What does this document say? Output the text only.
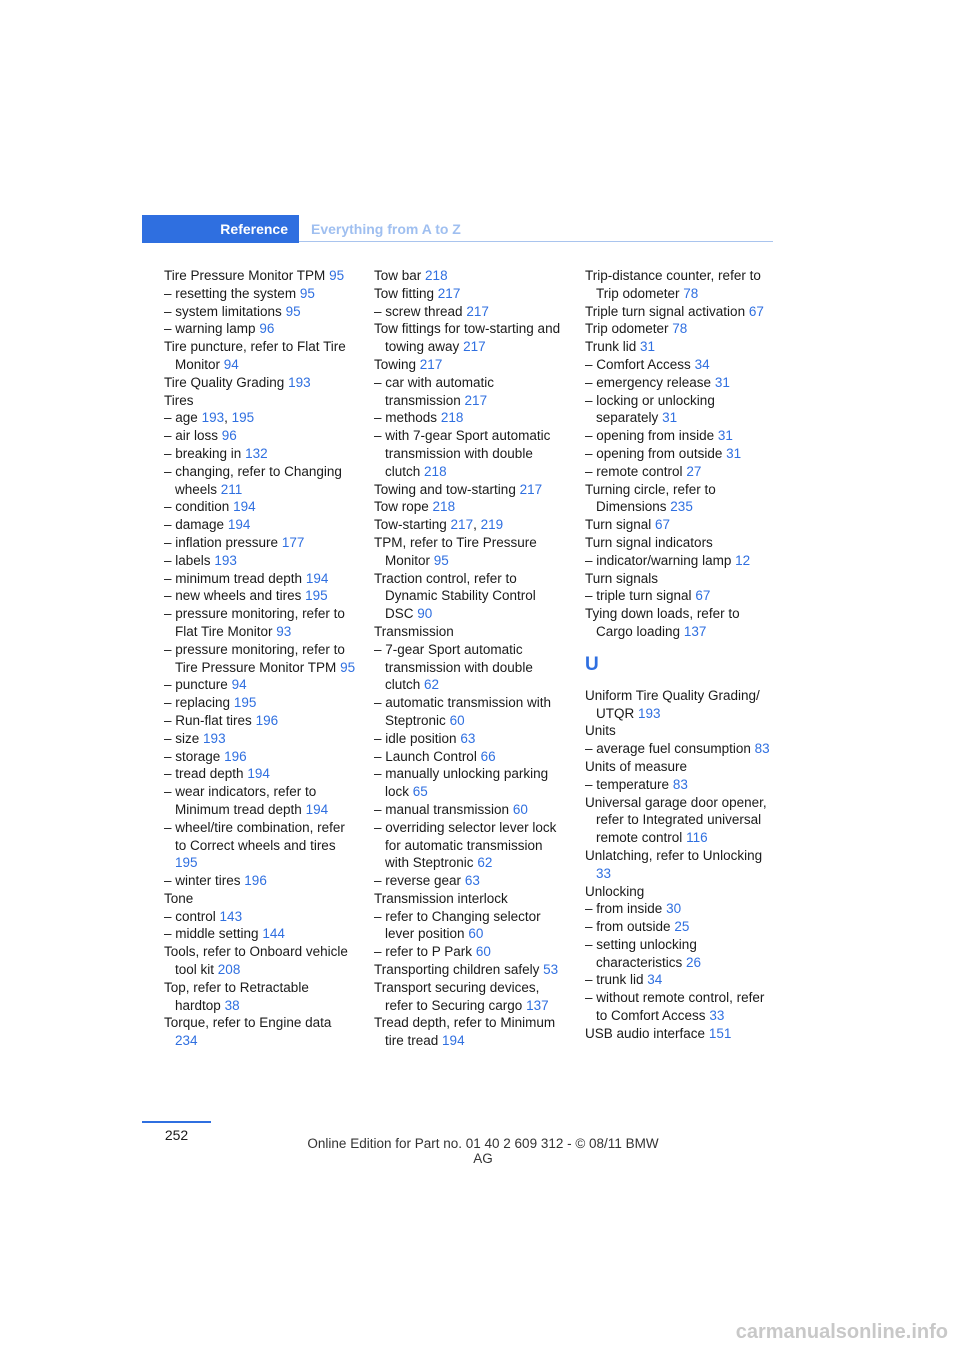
Reference Everything from A to Z
Tire Pressure Monitor TPM 95
– resetting the system 95
– system limitations 95
– warning lamp 96
Tire puncture, refer to Flat Tire Monitor 94
Tire Quality Grading 193
Tires
– age 193, 195
– air loss 96
– breaking in 132
– changing, refer to Changing wheels 211
– condition 194
– damage 194
– inflation pressure 177
– labels 193
– minimum tread depth 194
– new wheels and tires 195
– pressure monitoring, refer to Flat Tire Monitor 93
– pressure monitoring, refer to Tire Pressure Monitor TPM 95
– puncture 94
– replacing 195
– Run-flat tires 196
– size 193
– storage 196
– tread depth 194
– wear indicators, refer to Minimum tread depth 194
– wheel/tire combination, refer to Correct wheels and tires 195
– winter tires 196
Tone
– control 143
– middle setting 144
Tools, refer to Onboard vehicle tool kit 208
Top, refer to Retractable hardtop 38
Torque, refer to Engine data 234
Tow bar 218
Tow fitting 217
– screw thread 217
Tow fittings for tow-starting and towing away 217
Towing 217
– car with automatic transmission 217
– methods 218
– with 7-gear Sport automatic transmission with double clutch 218
Towing and tow-starting 217
Tow rope 218
Tow-starting 217, 219
TPM, refer to Tire Pressure Monitor 95
Traction control, refer to Dynamic Stability Control DSC 90
Transmission
– 7-gear Sport automatic transmission with double clutch 62
– automatic transmission with Steptronic 60
– idle position 63
– Launch Control 66
– manually unlocking parking lock 65
– manual transmission 60
– overriding selector lever lock for automatic transmission with Steptronic 62
– reverse gear 63
Transmission interlock
– refer to Changing selector lever position 60
– refer to P Park 60
Transporting children safely 53
Transport securing devices, refer to Securing cargo 137
Tread depth, refer to Minimum tire tread 194
Trip-distance counter, refer to Trip odometer 78
Triple turn signal activation 67
Trip odometer 78
Trunk lid 31
– Comfort Access 34
– emergency release 31
– locking or unlocking separately 31
– opening from inside 31
– opening from outside 31
– remote control 27
Turning circle, refer to Dimensions 235
Turn signal 67
Turn signal indicators
– indicator/warning lamp 12
Turn signals
– triple turn signal 67
Tying down loads, refer to Cargo loading 137
U
Uniform Tire Quality Grading/ UTQR 193
Units
– average fuel consumption 83
Units of measure
– temperature 83
Universal garage door opener, refer to Integrated universal remote control 116
Unlatching, refer to Unlocking 33
Unlocking
– from inside 30
– from outside 25
– setting unlocking characteristics 26
– trunk lid 34
– without remote control, refer to Comfort Access 33
USB audio interface 151
252
Online Edition for Part no. 01 40 2 609 312 - © 08/11 BMW AG
carmanualsonline.info
